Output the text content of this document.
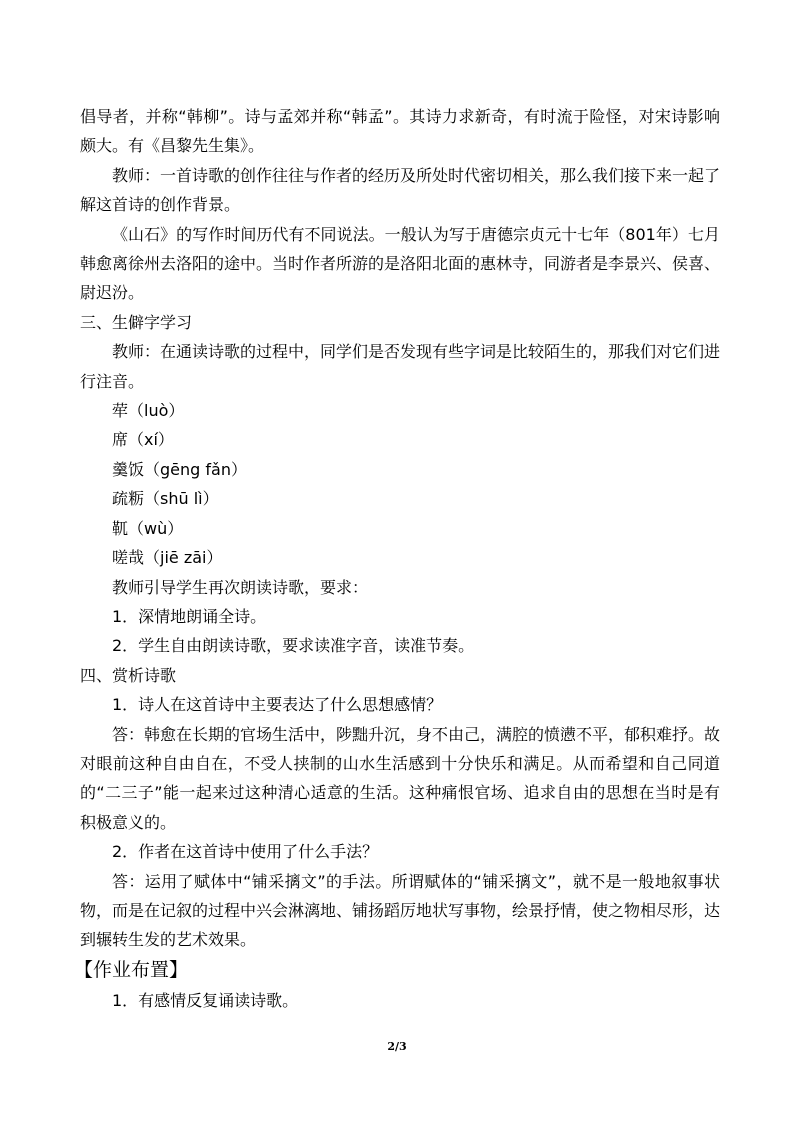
倡导者，并称“韩柳”。诗与孟郊并称“韩孟”。其诗力求新奇，有时流于险怪，对宋诗影响颇大。有《昌黎先生集》。

教师：一首诗歌的创作往往与作者的经历及所处时代密切相关，那么我们接下来一起了解这首诗的创作背景。

《山石》的写作时间历代有不同说法。一般认为写于唐德宗贞元十七年（801年）七月韩愈离徐州去洛阳的途中。当时作者所游的是洛阳北面的惠林寺，同游者是李景兴、侯喜、尉迟汾。

三、生僻字学习

教师：在通读诗歌的过程中，同学们是否发现有些字词是比较陌生的，那我们对它们进行注音。

荦（luò）

席（xí）

羹饭（gēng fǎn）

疏粝（shū lì）

靰（wù）

嗟哉（jiē zāi）

教师引导学生再次朗读诗歌，要求：

1．深情地朗诵全诗。

2．学生自由朗读诗歌，要求读准字音，读准节奏。

四、赏析诗歌

1．诗人在这首诗中主要表达了什么思想感情？

答：韩愈在长期的官场生活中，陟黜升沉，身不由己，满腔的愤懑不平，郁积难抒。故对眼前这种自由自在，不受人挟制的山水生活感到十分快乐和满足。从而希望和自己同道的“二三子”能一起来过这种清心适意的生活。这种痛恨官场、追求自由的思想在当时是有积极意义的。

2．作者在这首诗中使用了什么手法？

答：运用了赋体中“铺采摛文”的手法。所谓赋体的“铺采摛文”，就不是一般地叙事状物，而是在记叙的过程中兴会淋漓地、铺扬蹈厉地状写事物，绘景抒情，使之物相尽形，达到辗转生发的艺术效果。

【作业布置】

1．有感情反复诵读诗歌。

2/3
